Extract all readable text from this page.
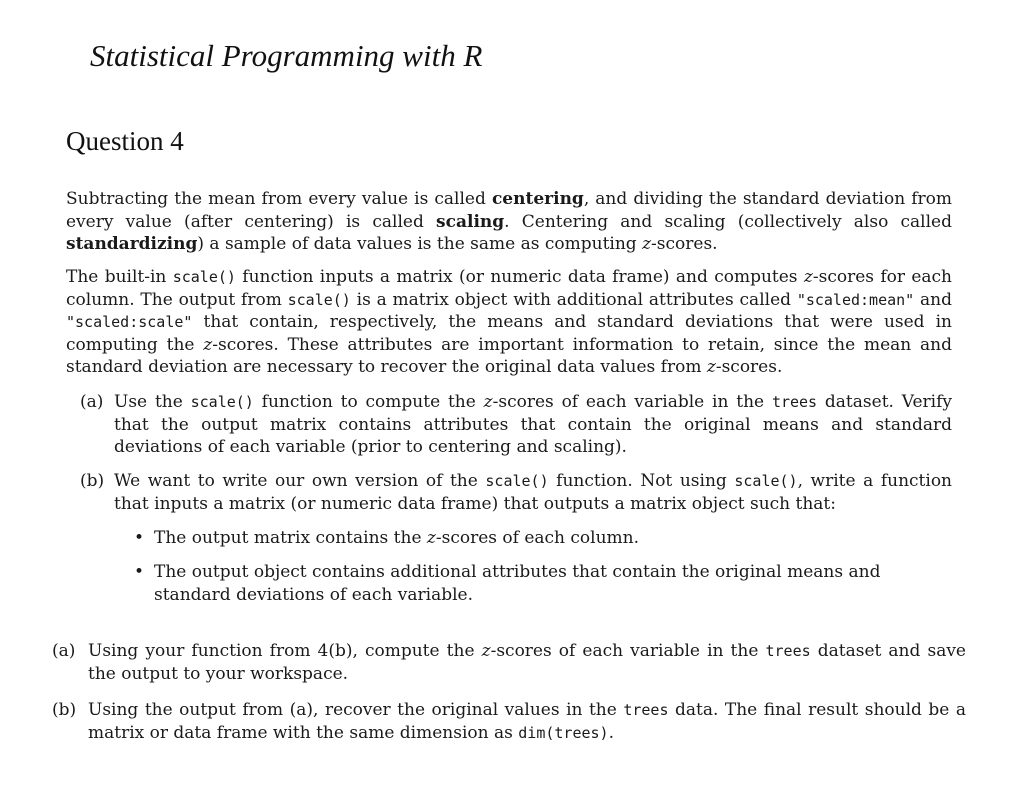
Statistical Programming with R
Question 4

Subtracting the mean from every value is called centering, and dividing the standard deviation from every value (after centering) is called scaling. Centering and scaling (collectively also called standardizing) a sample of data values is the same as computing z-scores.

The built-in scale() function inputs a matrix (or numeric data frame) and computes z-scores for each column. The output from scale() is a matrix object with additional attributes called "scaled:mean" and "scaled:scale" that contain, respectively, the means and standard deviations that were used in computing the z-scores. These attributes are important information to retain, since the mean and standard deviation are necessary to recover the original data values from z-scores.

(a) Use the scale() function to compute the z-scores of each variable in the trees dataset. Verify that the output matrix contains attributes that contain the original means and standard deviations of each variable (prior to centering and scaling).
(b) We want to write our own version of the scale() function. Not using scale(), write a function that inputs a matrix (or numeric data frame) that outputs a matrix object such that:
• The output matrix contains the z-scores of each column.
• The output object contains additional attributes that contain the original means and standard deviations of each variable.
(a) Using your function from 4(b), compute the z-scores of each variable in the trees dataset and save the output to your workspace.
(b) Using the output from (a), recover the original values in the trees data. The final result should be a matrix or data frame with the same dimension as dim(trees).
